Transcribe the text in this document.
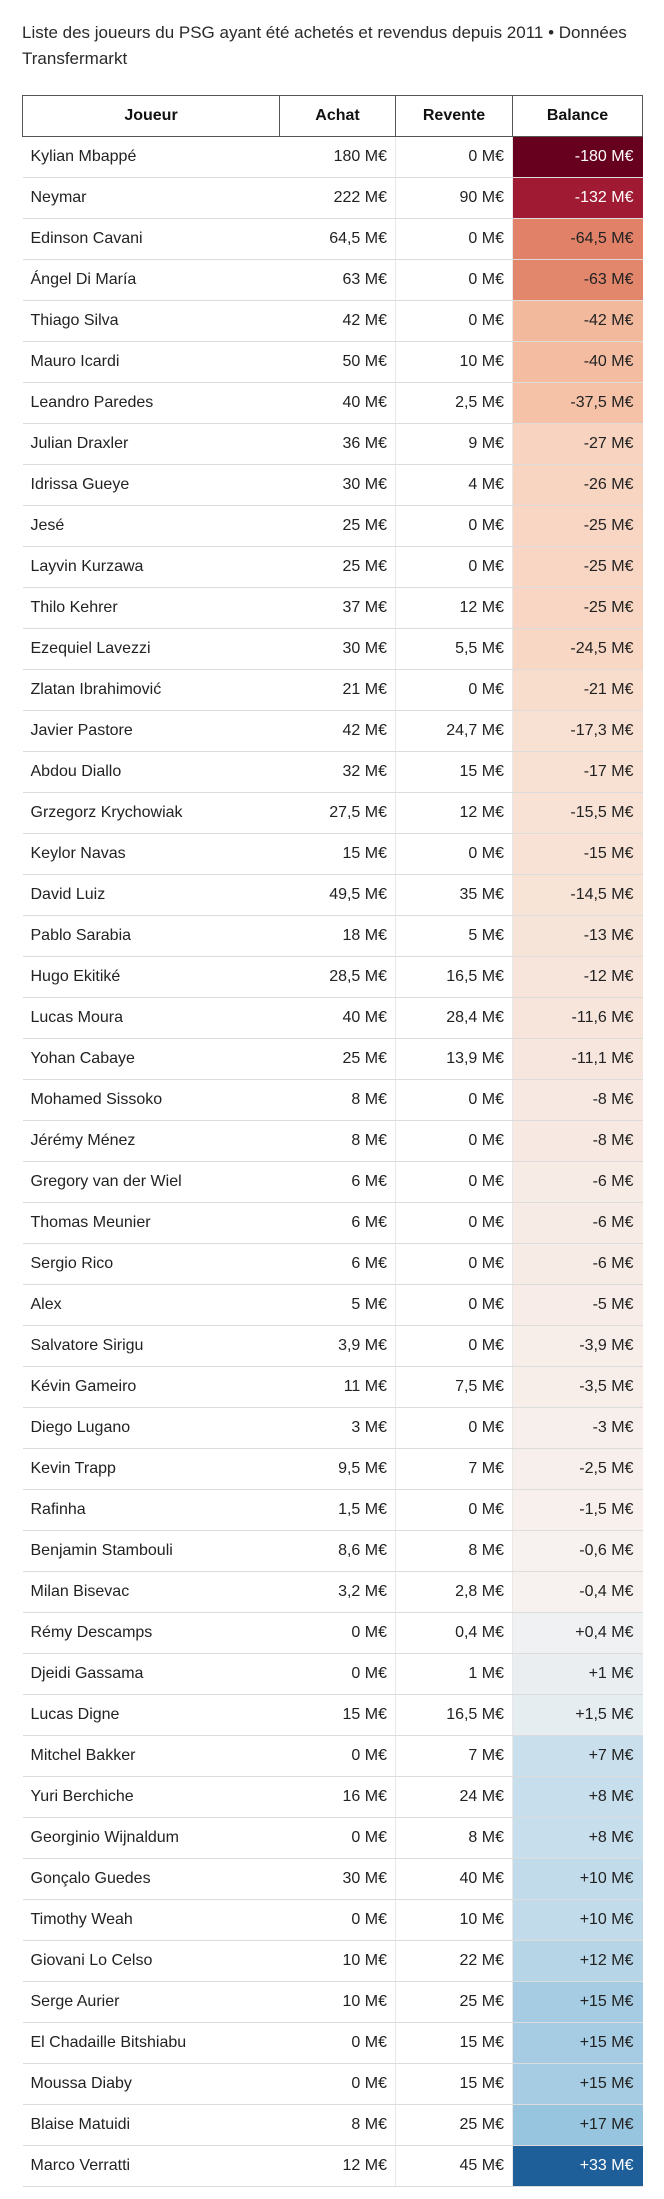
Liste des joueurs du PSG ayant été achetés et revendus depuis 2011 • Données Transfermarkt
Joueur	Achat	Revente	Balance
Kylian Mbappé	180 M€	0 M€	-180 M€
Neymar	222 M€	90 M€	-132 M€
Edinson Cavani	64,5 M€	0 M€	-64,5 M€
Ángel Di María	63 M€	0 M€	-63 M€
Thiago Silva	42 M€	0 M€	-42 M€
Mauro Icardi	50 M€	10 M€	-40 M€
Leandro Paredes	40 M€	2,5 M€	-37,5 M€
Julian Draxler	36 M€	9 M€	-27 M€
Idrissa Gueye	30 M€	4 M€	-26 M€
Jesé	25 M€	0 M€	-25 M€
Layvin Kurzawa	25 M€	0 M€	-25 M€
Thilo Kehrer	37 M€	12 M€	-25 M€
Ezequiel Lavezzi	30 M€	5,5 M€	-24,5 M€
Zlatan Ibrahimović	21 M€	0 M€	-21 M€
Javier Pastore	42 M€	24,7 M€	-17,3 M€
Abdou Diallo	32 M€	15 M€	-17 M€
Grzegorz Krychowiak	27,5 M€	12 M€	-15,5 M€
Keylor Navas	15 M€	0 M€	-15 M€
David Luiz	49,5 M€	35 M€	-14,5 M€
Pablo Sarabia	18 M€	5 M€	-13 M€
Hugo Ekitiké	28,5 M€	16,5 M€	-12 M€
Lucas Moura	40 M€	28,4 M€	-11,6 M€
Yohan Cabaye	25 M€	13,9 M€	-11,1 M€
Mohamed Sissoko	8 M€	0 M€	-8 M€
Jérémy Ménez	8 M€	0 M€	-8 M€
Gregory van der Wiel	6 M€	0 M€	-6 M€
Thomas Meunier	6 M€	0 M€	-6 M€
Sergio Rico	6 M€	0 M€	-6 M€
Alex	5 M€	0 M€	-5 M€
Salvatore Sirigu	3,9 M€	0 M€	-3,9 M€
Kévin Gameiro	11 M€	7,5 M€	-3,5 M€
Diego Lugano	3 M€	0 M€	-3 M€
Kevin Trapp	9,5 M€	7 M€	-2,5 M€
Rafinha	1,5 M€	0 M€	-1,5 M€
Benjamin Stambouli	8,6 M€	8 M€	-0,6 M€
Milan Bisevac	3,2 M€	2,8 M€	-0,4 M€
Rémy Descamps	0 M€	0,4 M€	+0,4 M€
Djeidi Gassama	0 M€	1 M€	+1 M€
Lucas Digne	15 M€	16,5 M€	+1,5 M€
Mitchel Bakker	0 M€	7 M€	+7 M€
Yuri Berchiche	16 M€	24 M€	+8 M€
Georginio Wijnaldum	0 M€	8 M€	+8 M€
Gonçalo Guedes	30 M€	40 M€	+10 M€
Timothy Weah	0 M€	10 M€	+10 M€
Giovani Lo Celso	10 M€	22 M€	+12 M€
Serge Aurier	10 M€	25 M€	+15 M€
El Chadaille Bitshiabu	0 M€	15 M€	+15 M€
Moussa Diaby	0 M€	15 M€	+15 M€
Blaise Matuidi	8 M€	25 M€	+17 M€
Marco Verratti	12 M€	45 M€	+33 M€
